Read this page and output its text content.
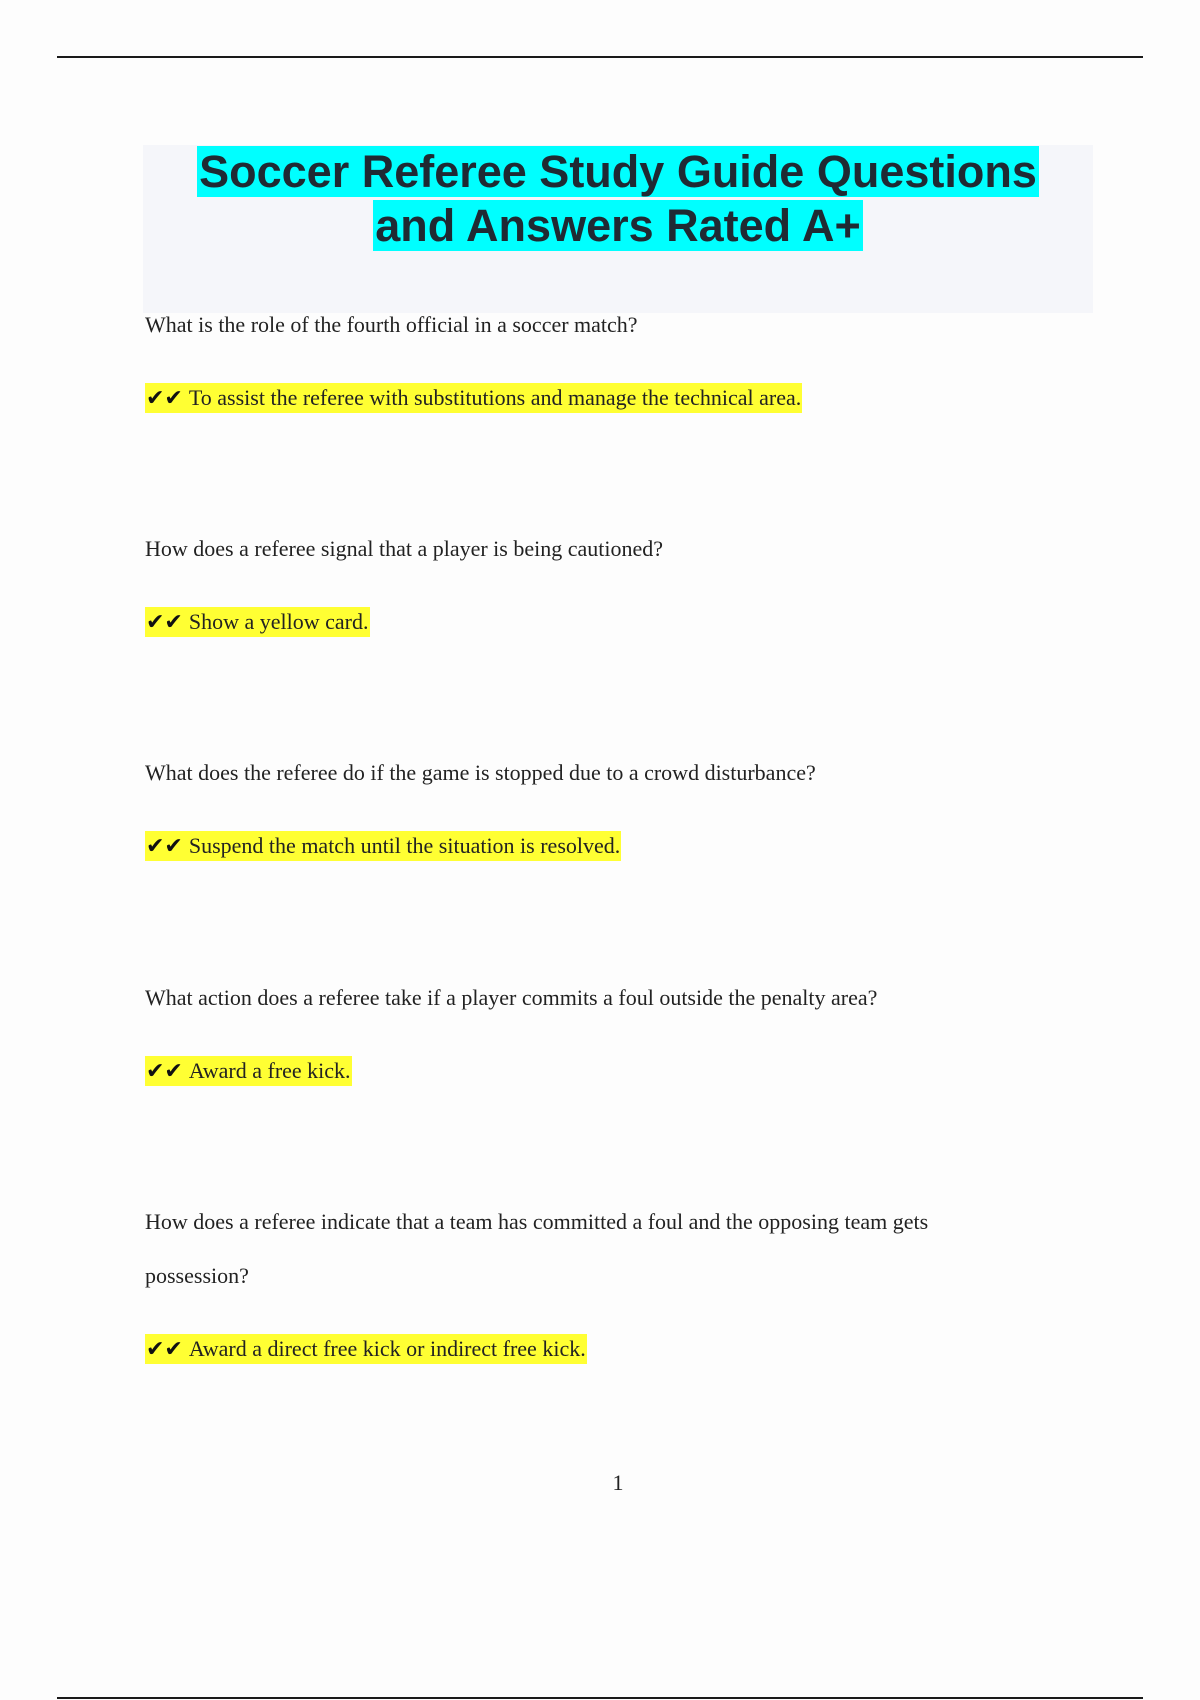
Soccer Referee Study Guide Questions
and Answers Rated A+

What is the role of the fourth official in a soccer match?

✔✔ To assist the referee with substitutions and manage the technical area.

How does a referee signal that a player is being cautioned?

✔✔ Show a yellow card.

What does the referee do if the game is stopped due to a crowd disturbance?

✔✔ Suspend the match until the situation is resolved.

What action does a referee take if a player commits a foul outside the penalty area?

✔✔ Award a free kick.

How does a referee indicate that a team has committed a foul and the opposing team gets

possession?

✔✔ Award a direct free kick or indirect free kick.

1
